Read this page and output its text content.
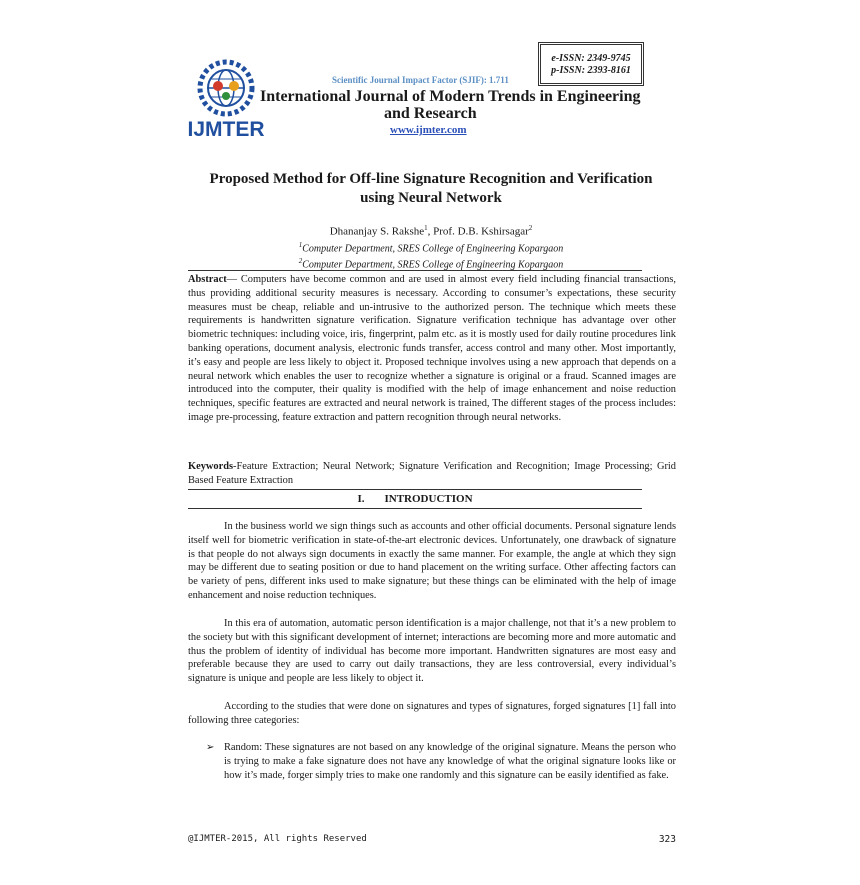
e-ISSN: 2349-9745
p-ISSN: 2393-8161
IJMTER
Scientific Journal Impact Factor (SJIF): 1.711
International Journal of Modern Trends in Engineering
and Research
www.ijmter.com
Proposed Method for Off-line Signature Recognition and Verification
using Neural Network
Dhananjay S. Rakshe$^1$, Prof. D.B. Kshirsagar$^2$
$^1$Computer Department, SRES College of Engineering Kopargaon
$^2$Computer Department, SRES College of Engineering Kopargaon
Abstract— Computers have become common and are used in almost every field including financial transactions, thus providing additional security measures is necessary. According to consumer’s expectations, these security measures must be cheap, reliable and un-intrusive to the authorized person. The technique which meets these requirements is handwritten signature verification. Signature verification technique has advantage over other biometric techniques: including voice, iris, fingerprint, palm etc. as it is mostly used for daily routine procedures link banking operations, document analysis, electronic funds transfer, access control and many other. Most importantly, it’s easy and people are less likely to object it. Proposed technique involves using a new approach that depends on a neural network which enables the user to recognize whether a signature is original or a fraud. Scanned images are introduced into the computer, their quality is modified with the help of image enhancement and noise reduction techniques, specific features are extracted and neural network is trained, The different stages of the process includes: image pre-processing, feature extraction and pattern recognition through neural networks.
Keywords-Feature Extraction; Neural Network; Signature Verification and Recognition; Image Processing; Grid Based Feature Extraction
I. INTRODUCTION
In the business world we sign things such as accounts and other official documents. Personal signature lends itself well for biometric verification in state-of-the-art electronic devices. Unfortunately, one drawback of signature is that people do not always sign documents in exactly the same manner. For example, the angle at which they sign may be different due to seating position or due to hand placement on the writing surface. Other affecting factors can be variety of pens, different inks used to make signature; but these things can be eliminated with the help of image enhancement and noise reduction techniques.
In this era of automation, automatic person identification is a major challenge, not that it’s a new problem to the society but with this significant development of internet; interactions are becoming more and more automatic and thus the problem of identity of individual has become more important. Handwritten signatures are most easy and preferable because they are used to carry out daily transactions, they are less controversial, every individual’s signature is unique and people are less likely to object it.
According to the studies that were done on signatures and types of signatures, forged signatures [1] fall into following three categories:
➢ Random: These signatures are not based on any knowledge of the original signature. Means the person who is trying to make a fake signature does not have any knowledge of what the original signature looks like or how it’s made, forger simply tries to make one randomly and this signature can be easily identified as fake.
@IJMTER-2015, All rights Reserved	323
